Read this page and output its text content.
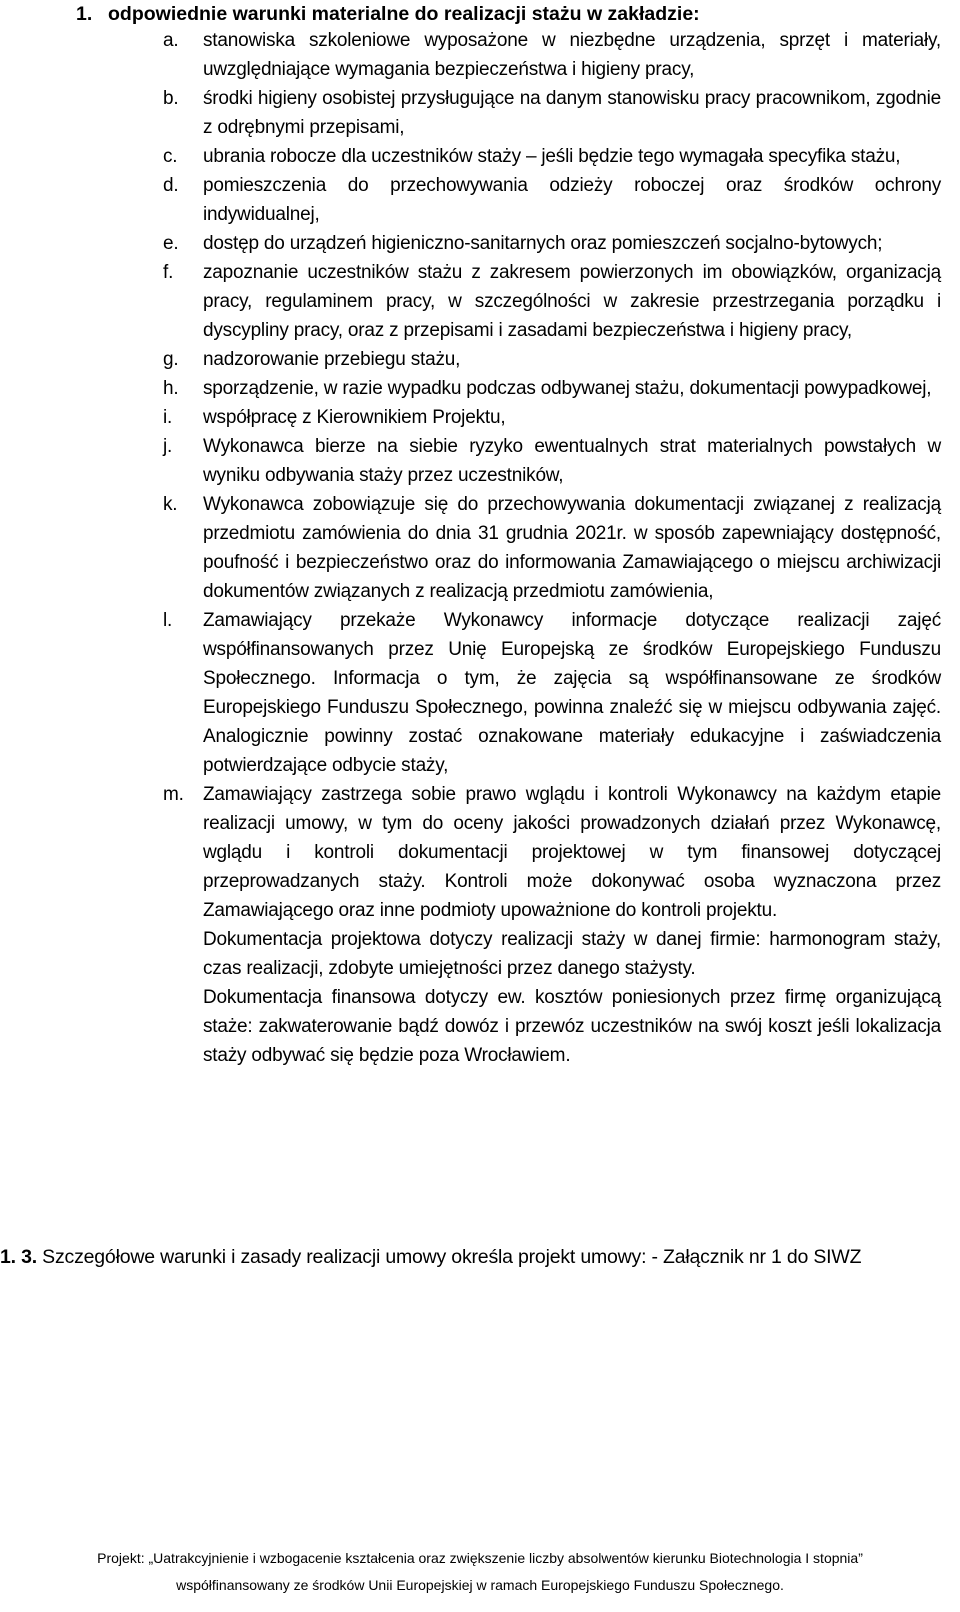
1. odpowiednie warunki materialne do realizacji stażu w zakładzie:
a. stanowiska szkoleniowe wyposażone w niezbędne urządzenia, sprzęt i materiały, uwzględniające wymagania bezpieczeństwa i higieny pracy,
b. środki higieny osobistej przysługujące na danym stanowisku pracy pracownikom, zgodnie z odrębnymi przepisami,
c. ubrania robocze dla uczestników staży – jeśli będzie tego wymagała specyfika stażu,
d. pomieszczenia do przechowywania odzieży roboczej oraz środków ochrony indywidualnej,
e. dostęp do urządzeń higieniczno-sanitarnych oraz pomieszczeń socjalno-bytowych;
f. zapoznanie uczestników stażu z zakresem powierzonych im obowiązków, organizacją pracy, regulaminem pracy, w szczególności w zakresie przestrzegania porządku i dyscypliny pracy, oraz z przepisami i zasadami bezpieczeństwa i higieny pracy,
g. nadzorowanie przebiegu stażu,
h. sporządzenie, w razie wypadku podczas odbywanej stażu, dokumentacji powypadkowej,
i. współpracę z Kierownikiem Projektu,
j. Wykonawca bierze na siebie ryzyko ewentualnych strat materialnych powstałych w wyniku odbywania staży przez uczestników,
k. Wykonawca zobowiązuje się do przechowywania dokumentacji związanej z realizacją przedmiotu zamówienia do dnia 31 grudnia 2021r. w sposób zapewniający dostępność, poufność i bezpieczeństwo oraz do informowania Zamawiającego o miejscu archiwizacji dokumentów związanych z realizacją przedmiotu zamówienia,
l. Zamawiający przekaże Wykonawcy informacje dotyczące realizacji zajęć współfinansowanych przez Unię Europejską ze środków Europejskiego Funduszu Społecznego. Informacja o tym, że zajęcia są współfinansowane ze środków Europejskiego Funduszu Społecznego, powinna znaleźć się w miejscu odbywania zajęć. Analogicznie powinny zostać oznakowane materiały edukacyjne i zaświadczenia potwierdzające odbycie staży,
m. Zamawiający zastrzega sobie prawo wglądu i kontroli Wykonawcy na każdym etapie realizacji umowy, w tym do oceny jakości prowadzonych działań przez Wykonawcę, wglądu i kontroli dokumentacji projektowej w tym finansowej dotyczącej przeprowadzanych staży. Kontroli może dokonywać osoba wyznaczona przez Zamawiającego oraz inne podmioty upoważnione do kontroli projektu.
Dokumentacja projektowa dotyczy realizacji staży w danej firmie: harmonogram staży, czas realizacji, zdobyte umiejętności przez danego stażysty.
Dokumentacja finansowa dotyczy ew. kosztów poniesionych przez firmę organizującą staże: zakwaterowanie bądź dowóz i przewóz uczestników na swój koszt jeśli lokalizacja staży odbywać się będzie poza Wrocławiem.
1. 3. Szczegółowe warunki i zasady realizacji umowy określa projekt umowy: - Załącznik nr 1 do SIWZ
Projekt: „Uatrakcyjnienie i wzbogacenie kształcenia oraz zwiększenie liczby absolwentów kierunku Biotechnologia I stopnia”
współfinansowany ze środków Unii Europejskiej w ramach Europejskiego Funduszu Społecznego.
